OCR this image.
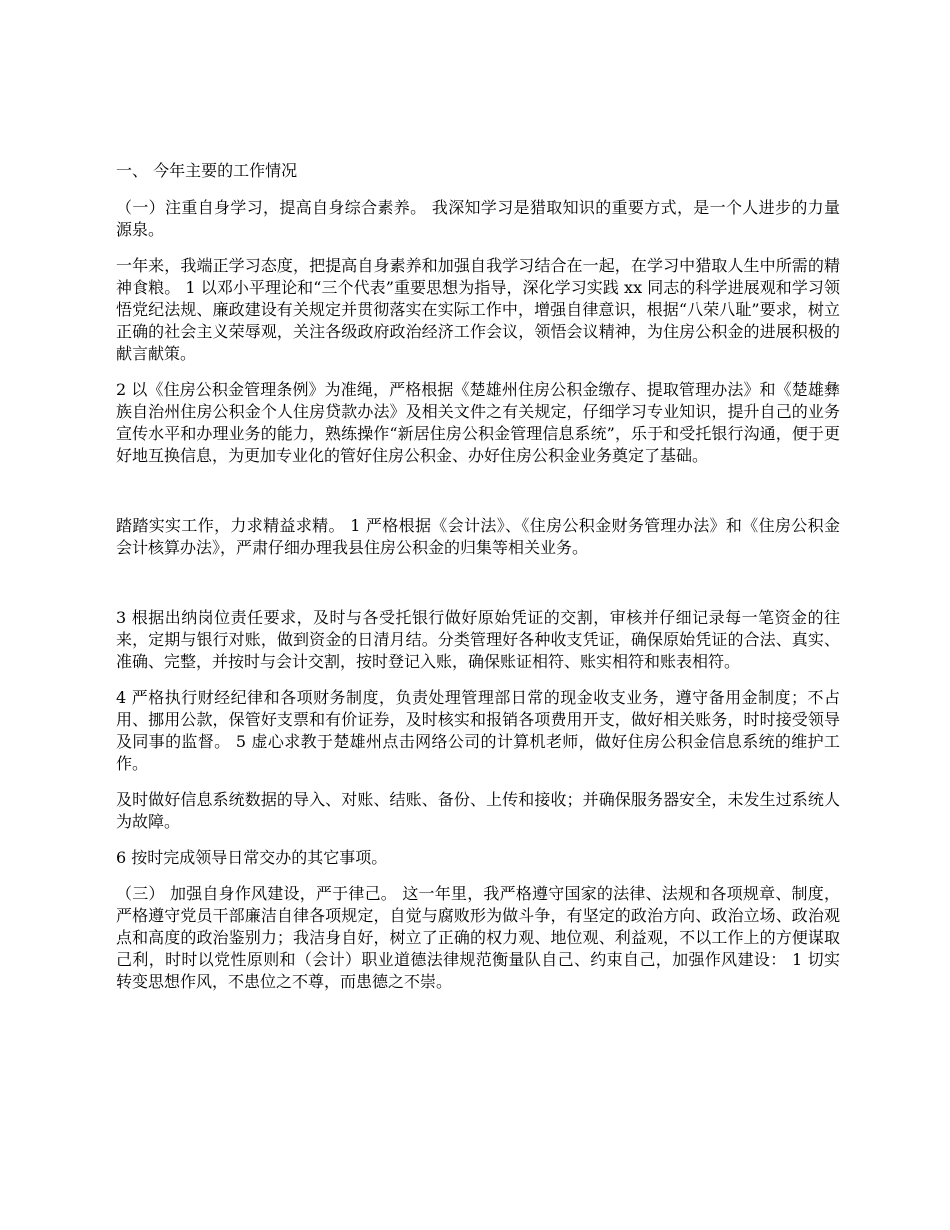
一、 今年主要的工作情况

（一）注重自身学习，提高自身综合素养。 我深知学习是猎取知识的重要方式，是一个人进步的力量源泉。

一年来，我端正学习态度，把提高自身素养和加强自我学习结合在一起，在学习中猎取人生中所需的精神食粮。 1 以邓小平理论和“三个代表”重要思想为指导，深化学习实践 xx 同志的科学进展观和学习领悟党纪法规、廉政建设有关规定并贯彻落实在实际工作中，增强自律意识，根据“八荣八耻”要求，树立正确的社会主义荣辱观，关注各级政府政治经济工作会议，领悟会议精神，为住房公积金的进展积极的献言献策。

2 以《住房公积金管理条例》为准绳，严格根据《楚雄州住房公积金缴存、提取管理办法》和《楚雄彝族自治州住房公积金个人住房贷款办法》及相关文件之有关规定，仔细学习专业知识，提升自己的业务宣传水平和办理业务的能力，熟练操作“新居住房公积金管理信息系统”，乐于和受托银行沟通，便于更好地互换信息，为更加专业化的管好住房公积金、办好住房公积金业务奠定了基础。

踏踏实实工作，力求精益求精。 1 严格根据《会计法》、《住房公积金财务管理办法》和《住房公积金会计核算办法》，严肃仔细办理我县住房公积金的归集等相关业务。

3 根据出纳岗位责任要求，及时与各受托银行做好原始凭证的交割，审核并仔细记录每一笔资金的往来，定期与银行对账，做到资金的日清月结。分类管理好各种收支凭证，确保原始凭证的合法、真实、准确、完整，并按时与会计交割，按时登记入账，确保账证相符、账实相符和账表相符。

4 严格执行财经纪律和各项财务制度，负责处理管理部日常的现金收支业务，遵守备用金制度；不占用、挪用公款，保管好支票和有价证券，及时核实和报销各项费用开支，做好相关账务，时时接受领导及同事的监督。 5 虚心求教于楚雄州点击网络公司的计算机老师，做好住房公积金信息系统的维护工作。

及时做好信息系统数据的导入、对账、结账、备份、上传和接收；并确保服务器安全，未发生过系统人为故障。

6 按时完成领导日常交办的其它事项。

（三） 加强自身作风建设，严于律己。 这一年里，我严格遵守国家的法律、法规和各项规章、制度，严格遵守党员干部廉洁自律各项规定，自觉与腐败形为做斗争，有坚定的政治方向、政治立场、政治观点和高度的政治鉴别力；我洁身自好，树立了正确的权力观、地位观、利益观，不以工作上的方便谋取己利，时时以党性原则和（会计）职业道德法律规范衡量队自己、约束自己，加强作风建设： 1 切实转变思想作风，不患位之不尊，而患德之不崇。
